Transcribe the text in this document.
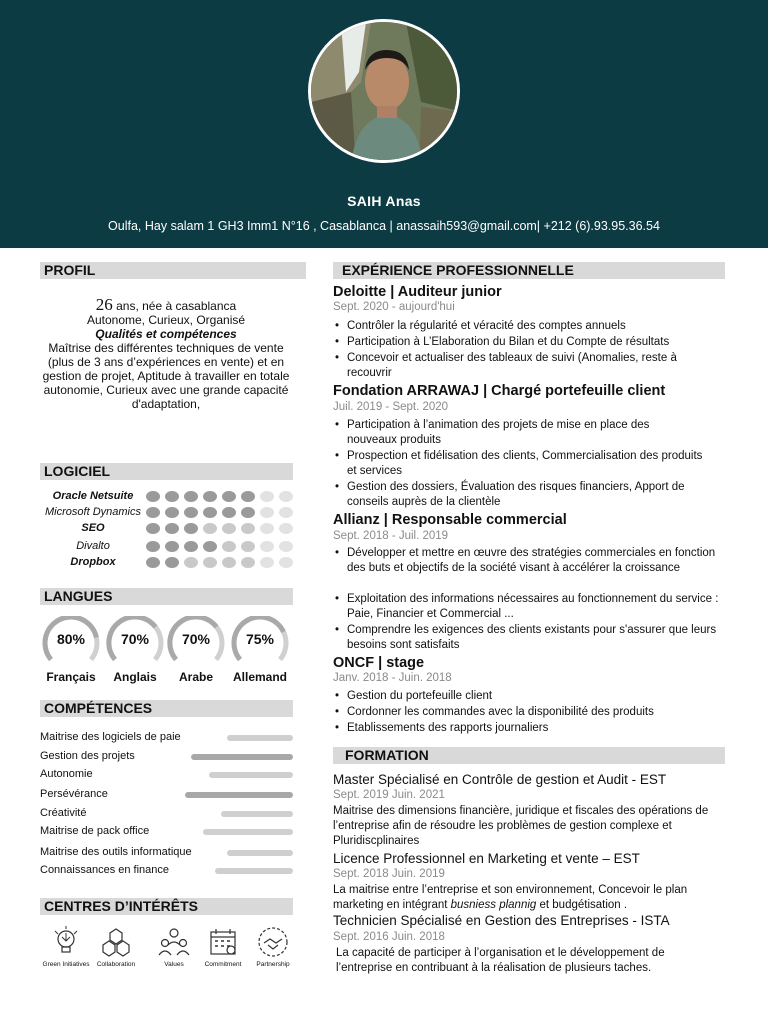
SAIH Anas
Oulfa, Hay salam 1 GH3 Imm1 N°16 , Casablanca | anassaih593@gmail.com| +212 (6).93.95.36.54
PROFIL
26 ans, née à casablanca
Autonome, Curieux, Organisé
Qualités et compétences
Maîtrise des différentes techniques de vente (plus de 3 ans d’expériences en vente) et en gestion de projet, Aptitude à travailler en totale autonomie, Curieux avec une grande capacité d'adaptation,
LOGICIEL
Oracle Netsuite
Microsoft Dynamics
SEO
Divalto
Dropbox
LANGUES
80%
Français
70%
Anglais
70%
Arabe
75%
Allemand
COMPÉTENCES
Maitrise des logiciels de paie
Gestion des projets
Autonomie
Persévérance
Créativité
Maitrise de pack office
Maitrise des outils informatique
Connaissances en finance
CENTRES D’INTÉRÊTS
Green Initiatives	Collaboration	Values	Commitment	Partnership
EXPÉRIENCE PROFESSIONNELLE
Deloitte | Auditeur junior
Sept. 2020 - aujourd'hui
• Contrôler la régularité et véracité des comptes annuels
• Participation à L’Elaboration du Bilan et du Compte de résultats
• Concevoir et actualiser des tableaux de suivi (Anomalies, reste à recouvrir
Fondation ARRAWAJ | Chargé portefeuille client
Juil. 2019 - Sept. 2020
• Participation à l’animation des projets de mise en place des nouveaux produits
• Prospection et fidélisation des clients, Commercialisation des produits et services
• Gestion des dossiers, Évaluation des risques financiers, Apport de conseils auprès de la clientèle
Allianz | Responsable commercial
Sept. 2018 - Juil. 2019
• Développer et mettre en œuvre des stratégies commerciales en fonction des buts et objectifs de la société visant à accélérer la croissance
• Exploitation des informations nécessaires au fonctionnement du service : Paie, Financier et Commercial ...
• Comprendre les exigences des clients existants pour s'assurer que leurs besoins sont satisfaits
ONCF | stage
Janv. 2018 - Juin. 2018
• Gestion du portefeuille client
• Cordonner les commandes avec la disponibilité des produits
• Etablissements des rapports journaliers
FORMATION
Master Spécialisé en Contrôle de gestion et Audit - EST
Sept. 2019 Juin. 2021
Maitrise des dimensions financière, juridique et fiscales des opérations de l’entreprise afin de résoudre les problèmes de gestion complexe et Pluridiscplinaires
Licence Professionnel en Marketing et vente – EST
Sept. 2018 Juin. 2019
La maitrise entre l’entreprise et son environnement, Concevoir le plan marketing en intégrant busniess plannig et budgétisation .
Technicien Spécialisé en Gestion des Entreprises - ISTA
Sept. 2016 Juin. 2018
La capacité de participer à l’organisation et le développement de l’entreprise en contribuant à la réalisation de plusieurs taches.
